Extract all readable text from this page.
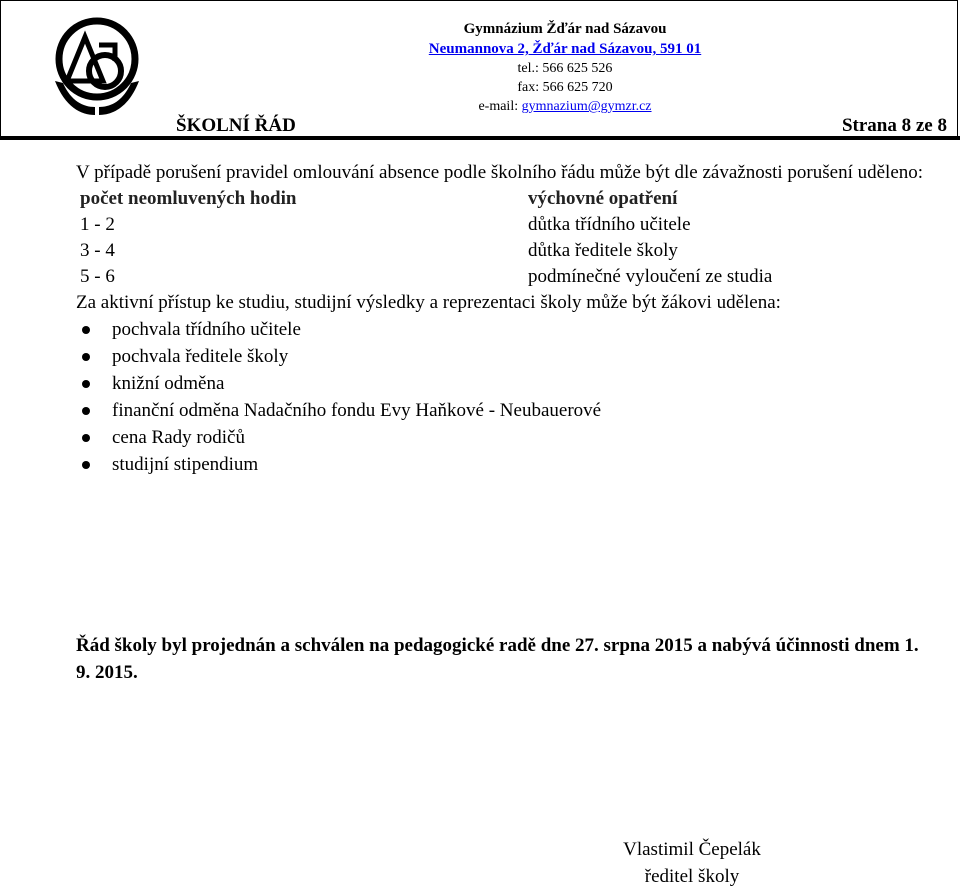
Gymnázium Žďár nad Sázavou
Neumannova 2, Žďár nad Sázavou, 591 01
tel.: 566 625 526
fax: 566 625 720
e-mail: gymnazium@gymzr.cz
ŠKOLNÍ ŘÁD	Strana 8 ze 8
V případě porušení pravidel omlouvání absence podle školního řádu může být dle závažnosti porušení uděleno:
počet neomluvených hodin	výchovné opatření
1 - 2	důtka třídního učitele
3 - 4	důtka ředitele školy
5 - 6	podmínečné vyloučení ze studia
Za aktivní přístup ke studiu, studijní výsledky a reprezentaci školy může být žákovi udělena:
pochvala třídního učitele
pochvala ředitele školy
knižní odměna
finanční odměna Nadačního fondu Evy Haňkové - Neubauerové
cena Rady rodičů
studijní stipendium
Řád školy byl projednán a schválen na pedagogické radě dne 27. srpna 2015 a nabývá účinnosti dnem 1. 9. 2015.
Vlastimil Čepelák
ředitel školy
